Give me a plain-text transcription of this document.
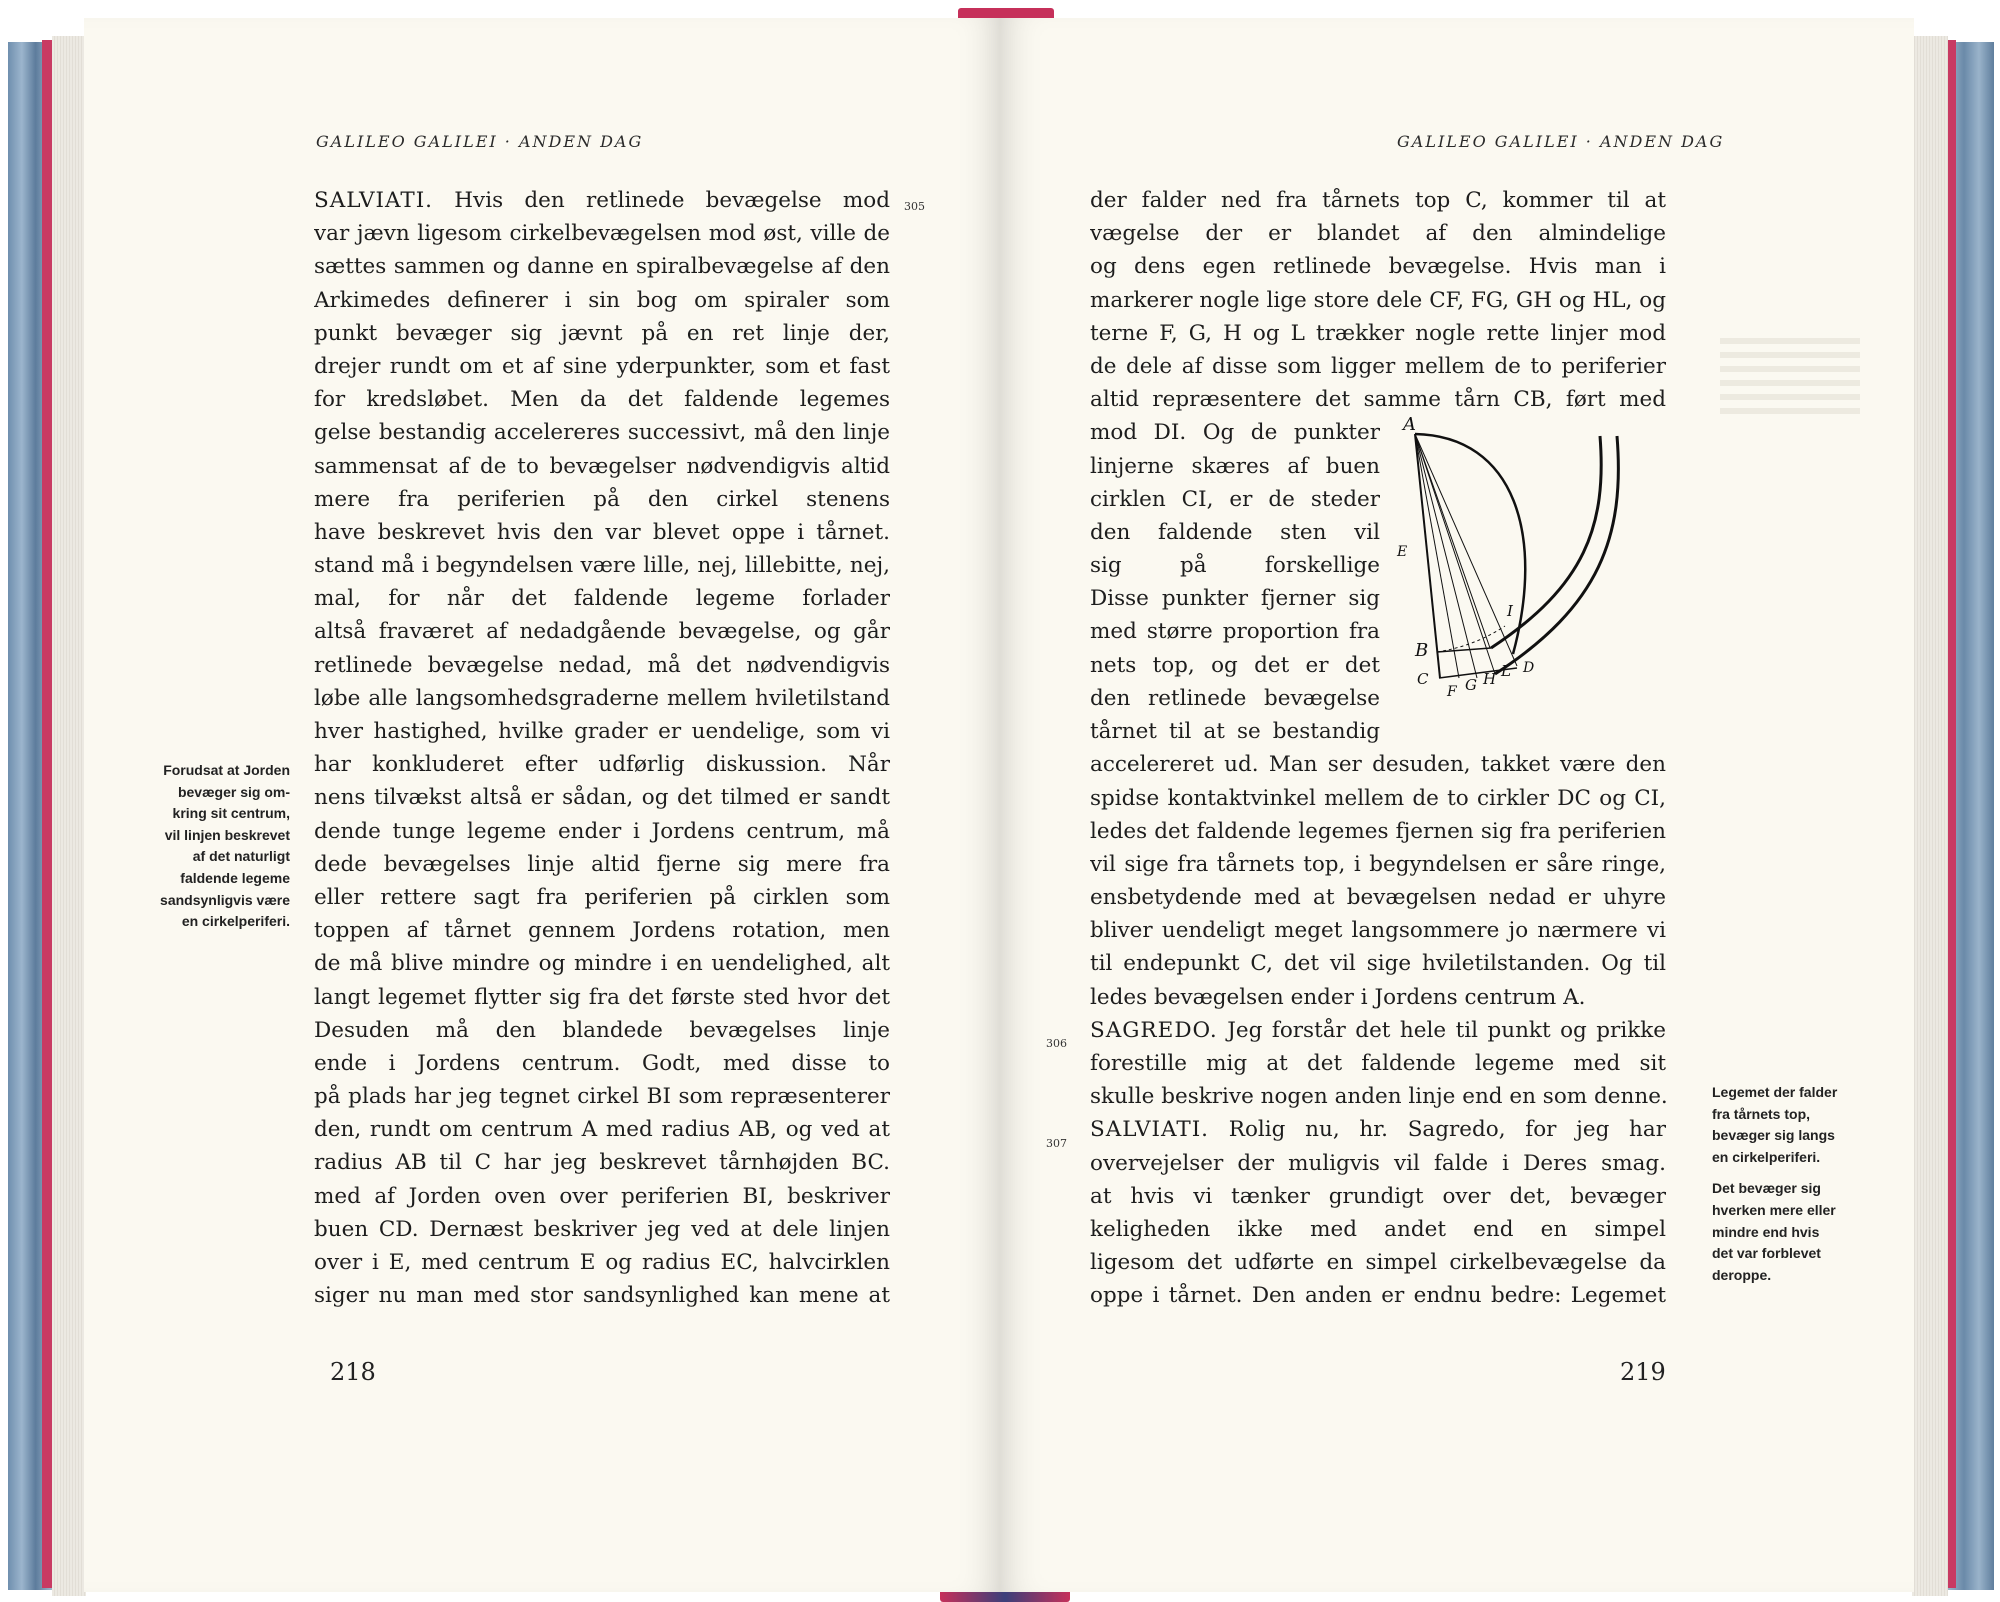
GALILEO GALILEI · ANDEN DAG
SALVIATI. Hvis den retlinede bevægelse mod
var jævn ligesom cirkelbevægelsen mod øst, ville de
sættes sammen og danne en spiralbevægelse af den
Arkimedes definerer i sin bog om spiraler som
punkt bevæger sig jævnt på en ret linje der,
drejer rundt om et af sine yderpunkter, som et fast
for kredsløbet. Men da det faldende legemes
gelse bestandig accelereres successivt, må den linje
sammensat af de to bevægelser nødvendigvis altid
mere fra periferien på den cirkel stenens
have beskrevet hvis den var blevet oppe i tårnet.
stand må i begyndelsen være lille, nej, lillebitte, nej,
mal, for når det faldende legeme forlader
altså fraværet af nedadgående bevægelse, og går
retlinede bevægelse nedad, må det nødvendigvis
løbe alle langsomhedsgraderne mellem hviletilstand
hver hastighed, hvilke grader er uendelige, som vi
har konkluderet efter udførlig diskussion. Når
nens tilvækst altså er sådan, og det tilmed er sandt
dende tunge legeme ender i Jordens centrum, må
dede bevægelses linje altid fjerne sig mere fra
eller rettere sagt fra periferien på cirklen som
toppen af tårnet gennem Jordens rotation, men
de må blive mindre og mindre i en uendelighed, alt
langt legemet flytter sig fra det første sted hvor det
Desuden må den blandede bevægelses linje
ende i Jordens centrum. Godt, med disse to
på plads har jeg tegnet cirkel BI som repræsenterer
den, rundt om centrum A med radius AB, og ved at
radius AB til C har jeg beskrevet tårnhøjden BC.
med af Jorden oven over periferien BI, beskriver
buen CD. Dernæst beskriver jeg ved at dele linjen
over i E, med centrum E og radius EC, halvcirklen
siger nu man med stor sandsynlighed kan mene at
305
Forudsat at Jorden
bevæger sig om-
kring sit centrum,
vil linjen beskrevet
af det naturligt
faldende legeme
sandsynligvis være
en cirkelperiferi.
218
GALILEO GALILEI · ANDEN DAG
der falder ned fra tårnets top C, kommer til at
vægelse der er blandet af den almindelige
og dens egen retlinede bevægelse. Hvis man i
markerer nogle lige store dele CF, FG, GH og HL, og
terne F, G, H og L trækker nogle rette linjer mod
de dele af disse som ligger mellem de to periferier
altid repræsentere det samme tårn CB, ført med
mod DI. Og de punkter
linjerne skæres af buen
cirklen CI, er de steder
den faldende sten vil
sig på forskellige
Disse punkter fjerner sig
med større proportion fra
nets top, og det er det
den retlinede bevægelse
tårnet til at se bestandig
A
E
I
B
C
F G H L D
accelereret ud. Man ser desuden, takket være den
spidse kontaktvinkel mellem de to cirkler DC og CI,
ledes det faldende legemes fjernen sig fra periferien
vil sige fra tårnets top, i begyndelsen er såre ringe,
ensbetydende med at bevægelsen nedad er uhyre
bliver uendeligt meget langsommere jo nærmere vi
til endepunkt C, det vil sige hviletilstanden. Og til
ledes bevægelsen ender i Jordens centrum A.
SAGREDO. Jeg forstår det hele til punkt og prikke
forestille mig at det faldende legeme med sit
skulle beskrive nogen anden linje end en som denne.
SALVIATI. Rolig nu, hr. Sagredo, for jeg har
overvejelser der muligvis vil falde i Deres smag.
at hvis vi tænker grundigt over det, bevæger
keligheden ikke med andet end en simpel
ligesom det udførte en simpel cirkelbevægelse da
oppe i tårnet. Den anden er endnu bedre: Legemet
306
307
Legemet der falder
fra tårnets top,
bevæger sig langs
en cirkelperiferi.
Det bevæger sig
hverken mere eller
mindre end hvis
det var forblevet
deroppe.
219
